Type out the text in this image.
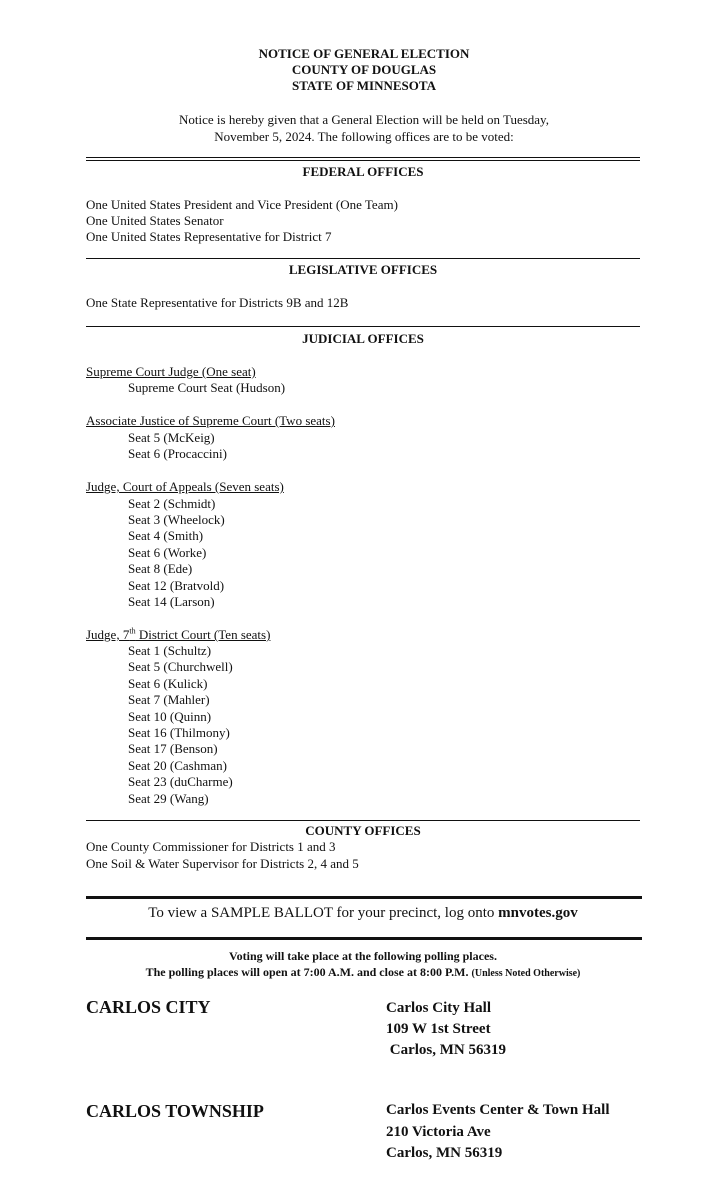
NOTICE OF GENERAL ELECTION
COUNTY OF DOUGLAS
STATE OF MINNESOTA
Notice is hereby given that a General Election will be held on Tuesday,
November 5, 2024. The following offices are to be voted:
FEDERAL OFFICES
One United States President and Vice President (One Team)
One United States Senator
One United States Representative for District 7
LEGISLATIVE OFFICES
One State Representative for Districts 9B and 12B
JUDICIAL OFFICES
Supreme Court Judge (One seat)
Supreme Court Seat (Hudson)
Associate Justice of Supreme Court (Two seats)
Seat 5 (McKeig)
Seat 6 (Procaccini)
Judge, Court of Appeals (Seven seats)
Seat 2 (Schmidt)
Seat 3 (Wheelock)
Seat 4 (Smith)
Seat 6 (Worke)
Seat 8 (Ede)
Seat 12 (Bratvold)
Seat 14 (Larson)
Judge, 7th District Court (Ten seats)
Seat 1 (Schultz)
Seat 5 (Churchwell)
Seat 6 (Kulick)
Seat 7 (Mahler)
Seat 10 (Quinn)
Seat 16 (Thilmony)
Seat 17 (Benson)
Seat 20 (Cashman)
Seat 23 (duCharme)
Seat 29 (Wang)
COUNTY OFFICES
One County Commissioner for Districts 1 and 3
One Soil & Water Supervisor for Districts 2, 4 and 5
To view a SAMPLE BALLOT for your precinct, log onto mnvotes.gov
Voting will take place at the following polling places.
The polling places will open at 7:00 A.M. and close at 8:00 P.M. (Unless Noted Otherwise)
CARLOS CITY	Carlos City Hall
109 W 1st Street
Carlos, MN 56319
CARLOS TOWNSHIP	Carlos Events Center & Town Hall
210 Victoria Ave
Carlos, MN 56319
